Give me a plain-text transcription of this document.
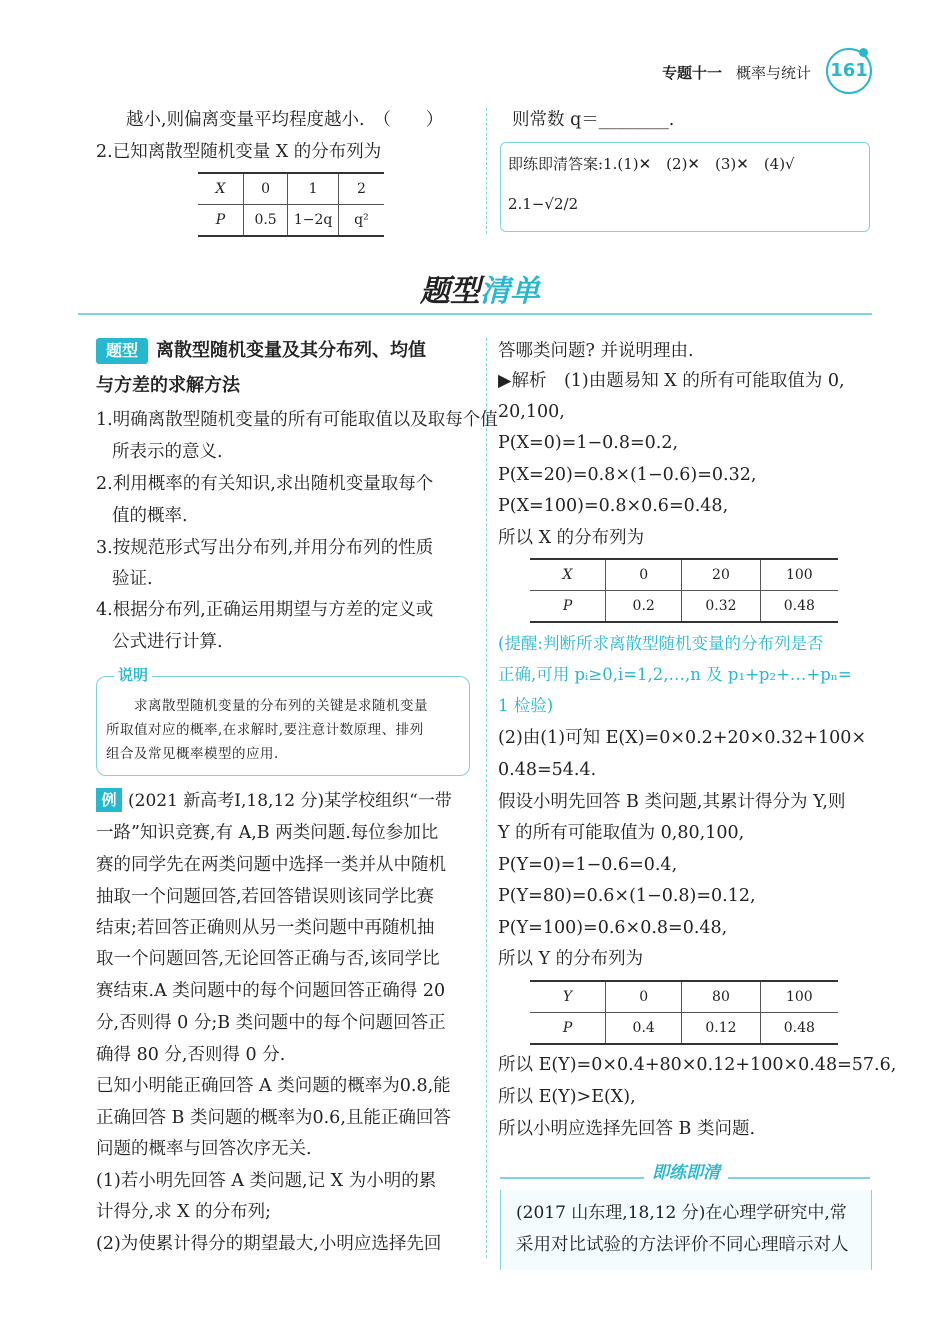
专题十一 概率与统计 161
越小,则偏离变量平均程度越小.　（　　）
2.已知离散型随机变量 X 的分布列为
X	0	1	2
P	0.5	1−2q	q²
则常数 q＝________.
即练即清答案:1.(1)✕　(2)✕　(3)✕　(4)√
2.1−√2/2
题型清单
题型	离散型随机变量及其分布列、均值
与方差的求解方法
1.明确离散型随机变量的所有可能取值以及取每个值
所表示的意义.
2.利用概率的有关知识,求出随机变量取每个
值的概率.
3.按规范形式写出分布列,并用分布列的性质
验证.
4.根据分布列,正确运用期望与方差的定义或
公式进行计算.
说明
求离散型随机变量的分布列的关键是求随机变量
所取值对应的概率,在求解时,要注意计数原理、排列
组合及常见概率模型的应用.
例 (2021 新高考Ⅰ,18,12 分)某学校组织“一带
一路”知识竞赛,有 A,B 两类问题.每位参加比
赛的同学先在两类问题中选择一类并从中随机
抽取一个问题回答,若回答错误则该同学比赛
结束;若回答正确则从另一类问题中再随机抽
取一个问题回答,无论回答正确与否,该同学比
赛结束.A 类问题中的每个问题回答正确得 20
分,否则得 0 分;B 类问题中的每个问题回答正
确得 80 分,否则得 0 分.
已知小明能正确回答 A 类问题的概率为0.8,能
正确回答 B 类问题的概率为0.6,且能正确回答
问题的概率与回答次序无关.
(1)若小明先回答 A 类问题,记 X 为小明的累
计得分,求 X 的分布列;
(2)为使累计得分的期望最大,小明应选择先回
答哪类问题? 并说明理由.
▶解析　(1)由题易知 X 的所有可能取值为 0,
20,100,
P(X=0)=1−0.8=0.2,
P(X=20)=0.8×(1−0.6)=0.32,
P(X=100)=0.8×0.6=0.48,
所以 X 的分布列为
X	0	20	100
P	0.2	0.32	0.48
(提醒:判断所求离散型随机变量的分布列是否
正确,可用 pᵢ≥0,i=1,2,…,n 及 p₁+p₂+…+pₙ=
1 检验)
(2)由(1)可知 E(X)=0×0.2+20×0.32+100×
0.48=54.4.
假设小明先回答 B 类问题,其累计得分为 Y,则
Y 的所有可能取值为 0,80,100,
P(Y=0)=1−0.6=0.4,
P(Y=80)=0.6×(1−0.8)=0.12,
P(Y=100)=0.6×0.8=0.48,
所以 Y 的分布列为
Y	0	80	100
P	0.4	0.12	0.48
所以 E(Y)=0×0.4+80×0.12+100×0.48=57.6,
所以 E(Y)>E(X),
所以小明应选择先回答 B 类问题.
即练即清
(2017 山东理,18,12 分)在心理学研究中,常
采用对比试验的方法评价不同心理暗示对人
